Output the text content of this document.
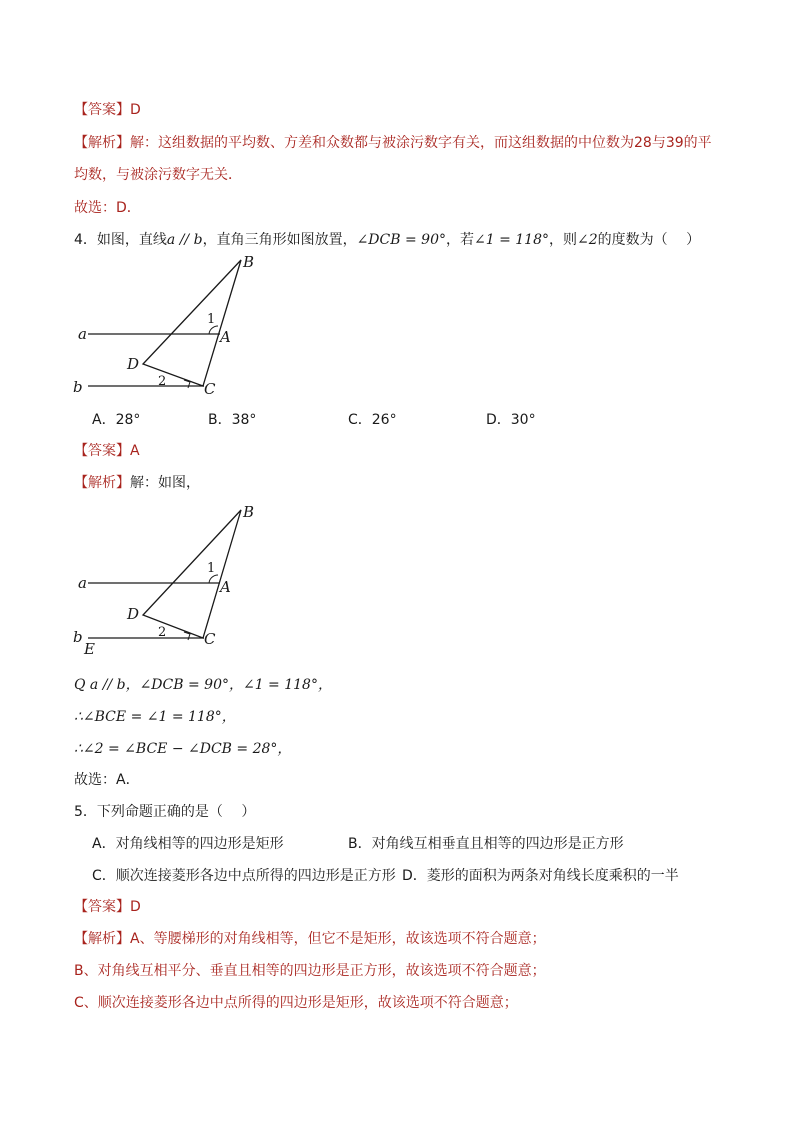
【答案】D
【解析】解：这组数据的平均数、方差和众数都与被涂污数字有关，而这组数据的中位数为28与39的平
均数，与被涂污数字无关．
故选：D．
4．如图，直线a // b，直角三角形如图放置，∠DCB = 90°，若∠1 = 118°，则∠2的度数为（　 ）
B
a	A
1
D
b	2	C
A．28°	B．38°	C．26°	D．30°
【答案】A
【解析】解：如图，
B
a	A
1
D
b	2	C
E
Q a // b，∠DCB = 90°，∠1 = 118°，
∴∠BCE = ∠1 = 118°，
∴∠2 = ∠BCE − ∠DCB = 28°，
故选：A．
5．下列命题正确的是（　 ）
A．对角线相等的四边形是矩形	B．对角线互相垂直且相等的四边形是正方形
C．顺次连接菱形各边中点所得的四边形是正方形 D．菱形的面积为两条对角线长度乘积的一半
【答案】D
【解析】A、等腰梯形的对角线相等，但它不是矩形，故该选项不符合题意；
B、对角线互相平分、垂直且相等的四边形是正方形，故该选项不符合题意；
C、顺次连接菱形各边中点所得的四边形是矩形，故该选项不符合题意；
